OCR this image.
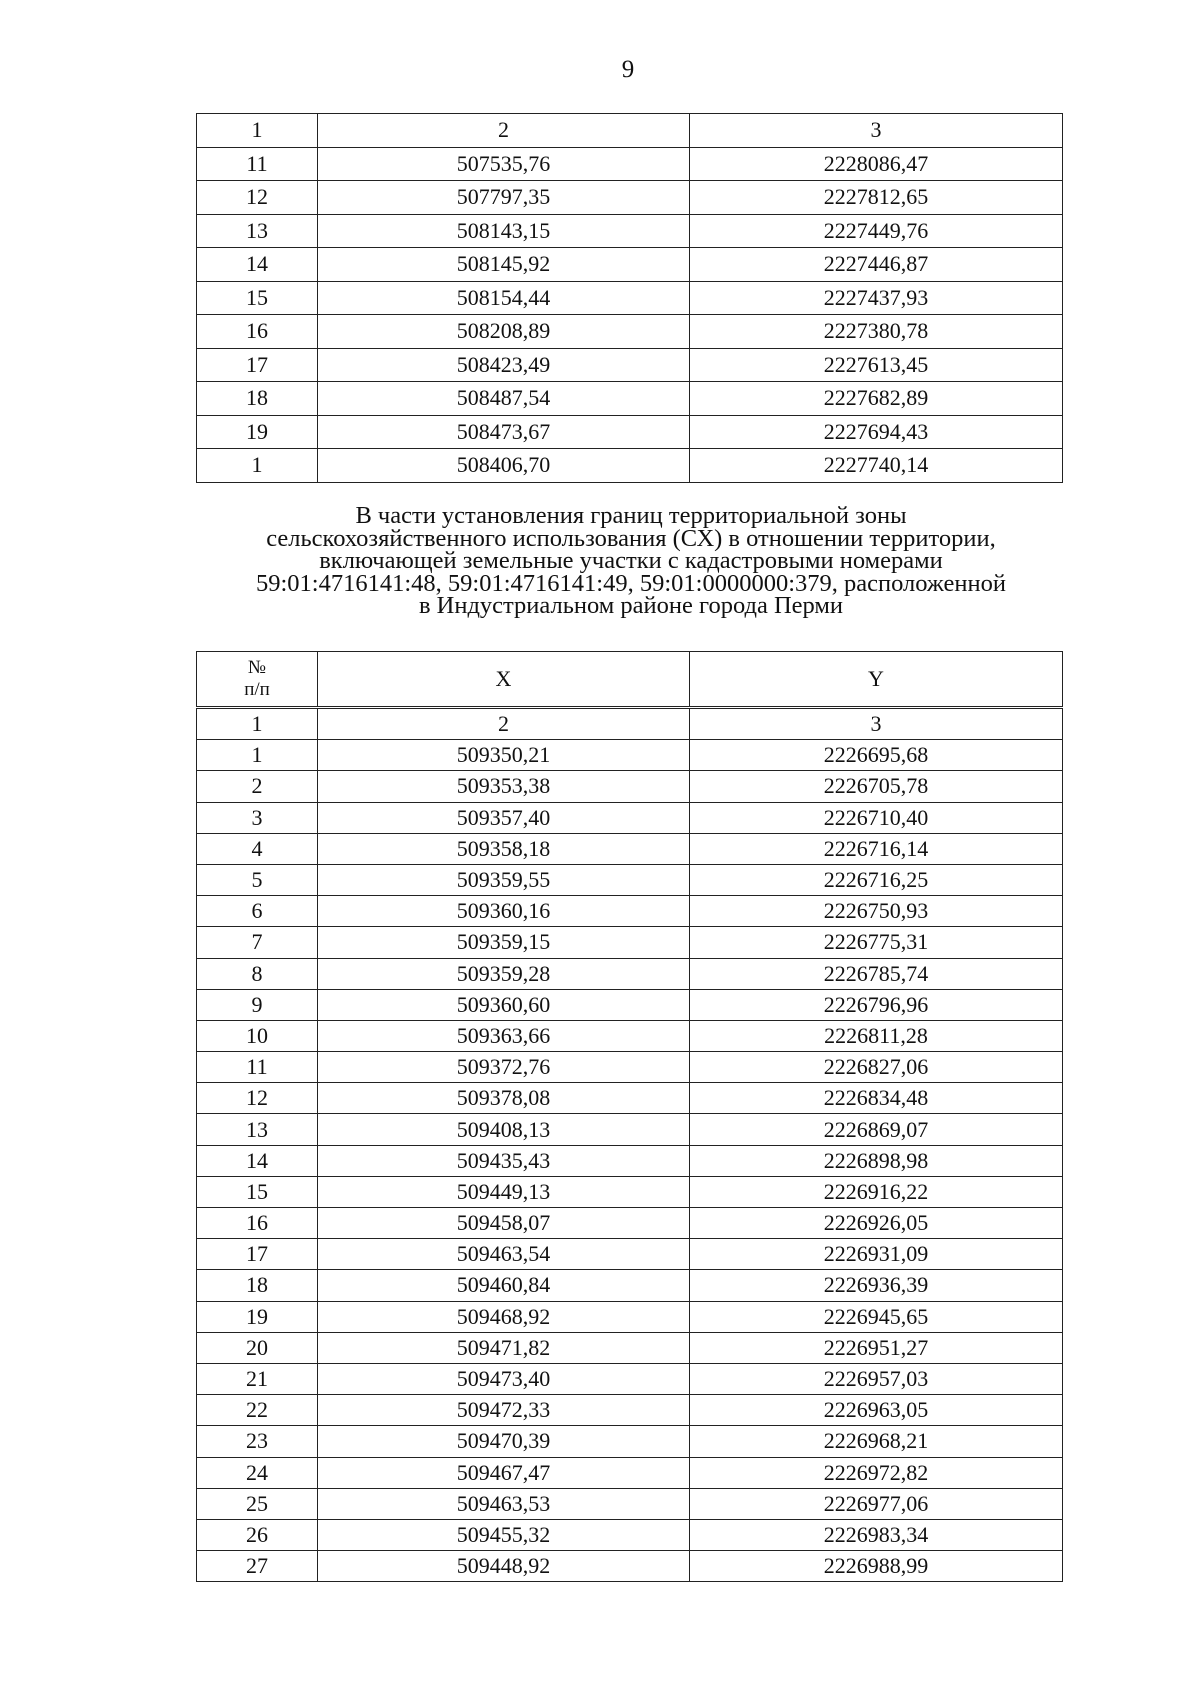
9
1	2	3
11	507535,76	2228086,47
12	507797,35	2227812,65
13	508143,15	2227449,76
14	508145,92	2227446,87
15	508154,44	2227437,93
16	508208,89	2227380,78
17	508423,49	2227613,45
18	508487,54	2227682,89
19	508473,67	2227694,43
1	508406,70	2227740,14
В части установления границ территориальной зоны
сельскохозяйственного использования (СХ) в отношении территории,
включающей земельные участки с кадастровыми номерами
59:01:4716141:48, 59:01:4716141:49, 59:01:0000000:379, расположенной
в Индустриальном районе города Перми
№
п/п	X	Y
1	2	3
1	509350,21	2226695,68
2	509353,38	2226705,78
3	509357,40	2226710,40
4	509358,18	2226716,14
5	509359,55	2226716,25
6	509360,16	2226750,93
7	509359,15	2226775,31
8	509359,28	2226785,74
9	509360,60	2226796,96
10	509363,66	2226811,28
11	509372,76	2226827,06
12	509378,08	2226834,48
13	509408,13	2226869,07
14	509435,43	2226898,98
15	509449,13	2226916,22
16	509458,07	2226926,05
17	509463,54	2226931,09
18	509460,84	2226936,39
19	509468,92	2226945,65
20	509471,82	2226951,27
21	509473,40	2226957,03
22	509472,33	2226963,05
23	509470,39	2226968,21
24	509467,47	2226972,82
25	509463,53	2226977,06
26	509455,32	2226983,34
27	509448,92	2226988,99
